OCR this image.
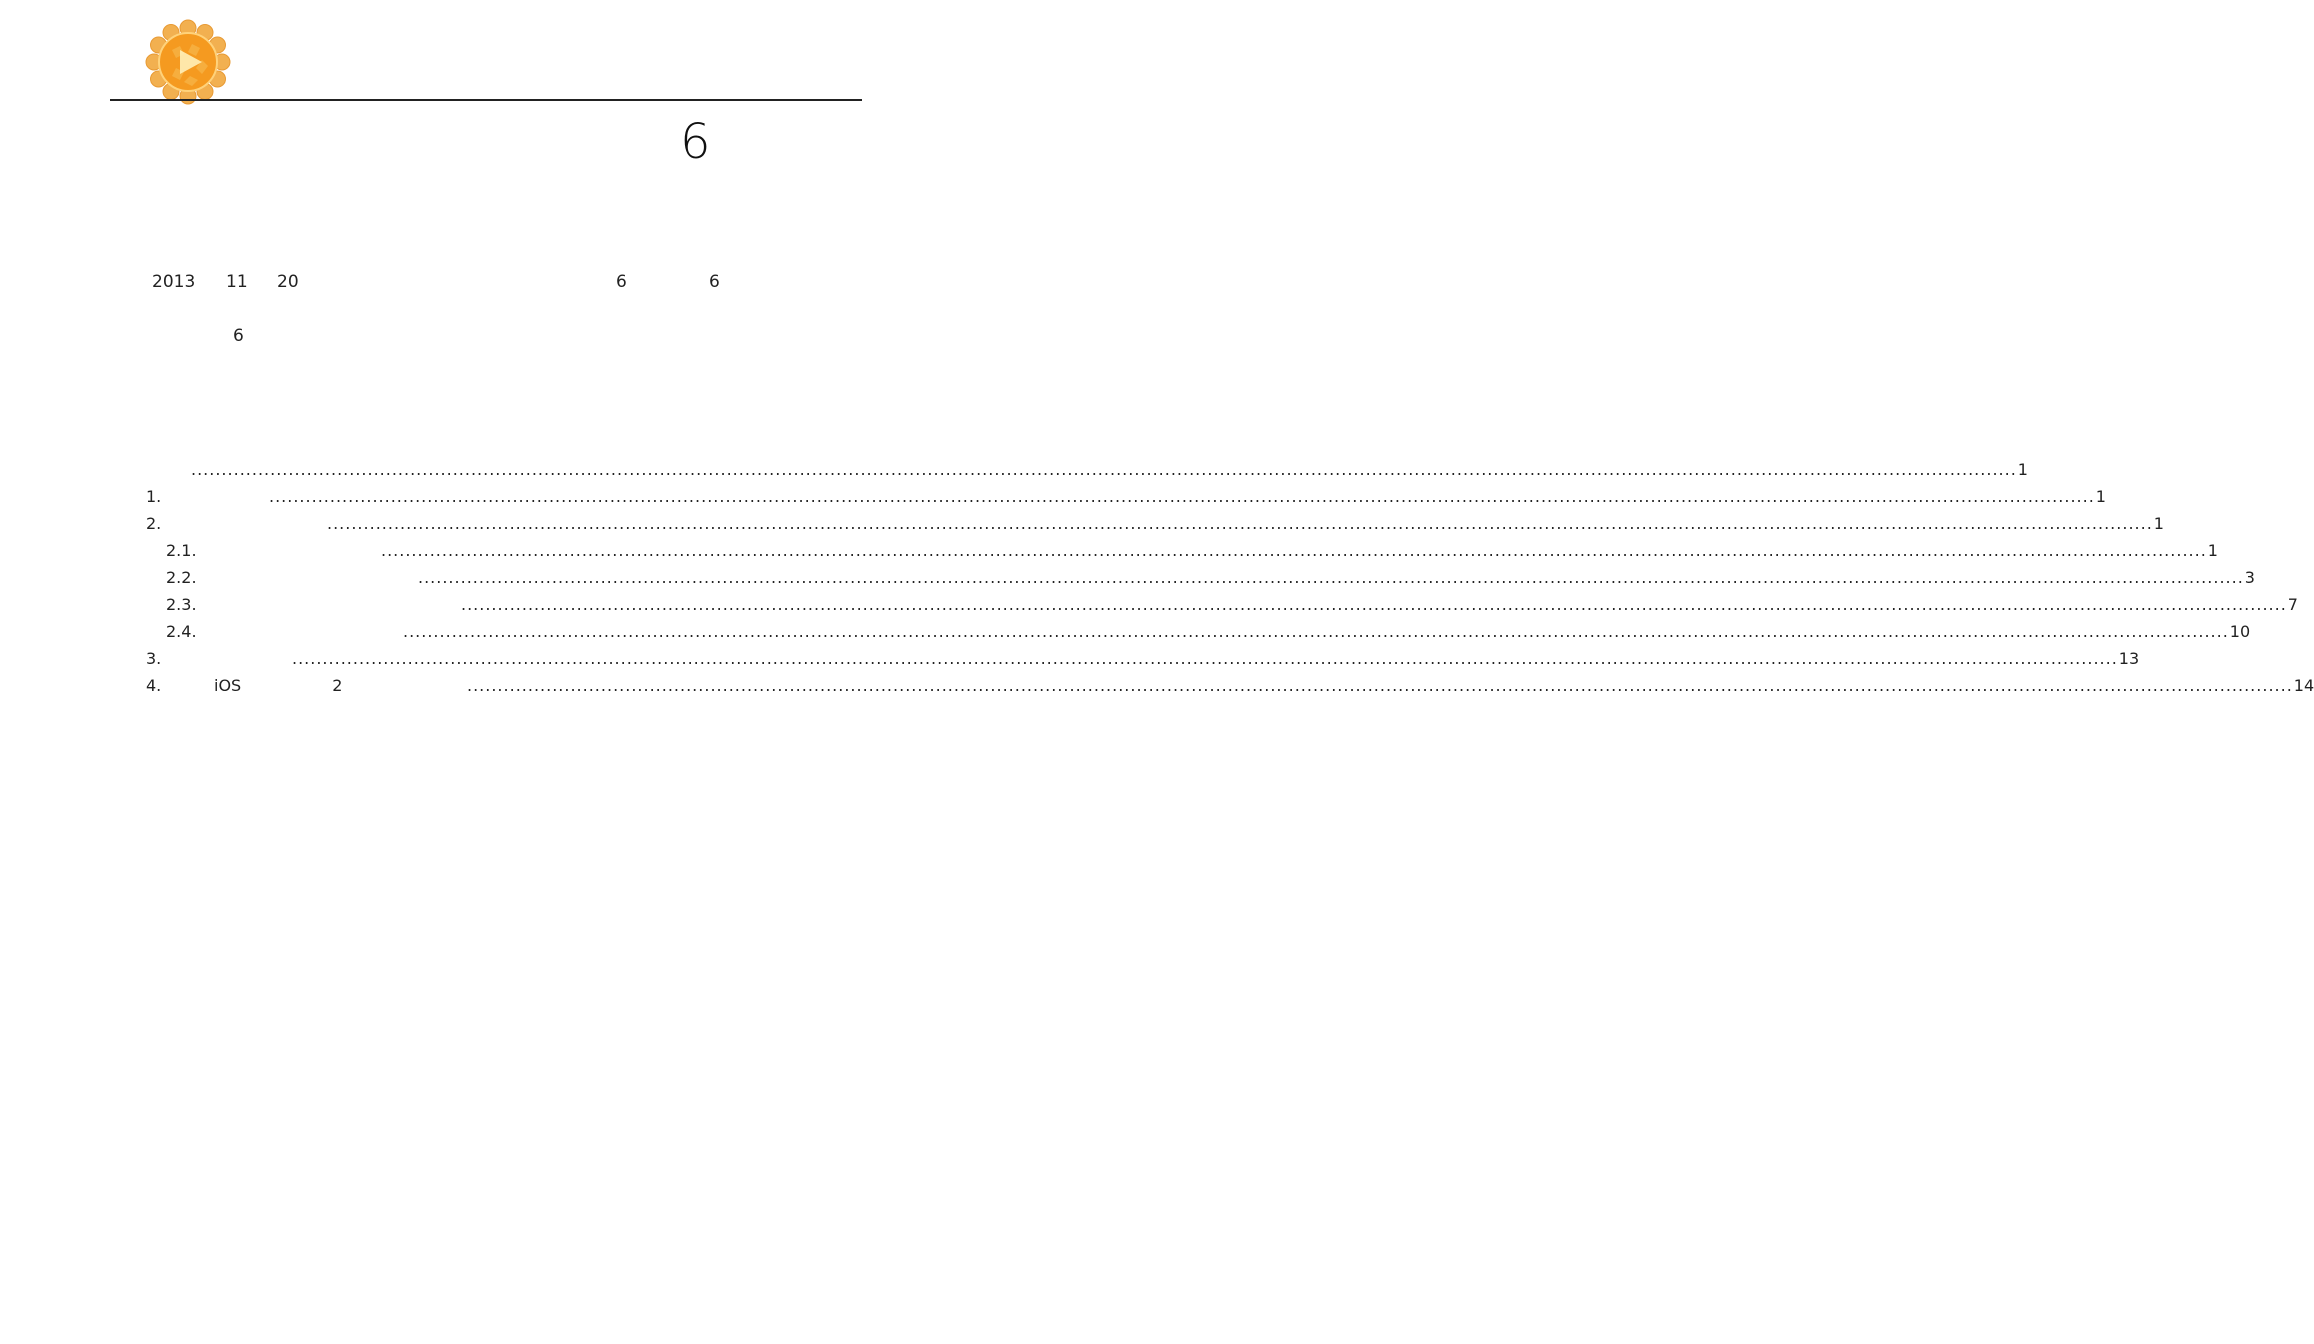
6
2013 11 20	6	6
6
............................................................................................................................................................................................................................................................................................................ 1
1.	............................................................................................................................................................................................................................................................................................................ 1
2.	............................................................................................................................................................................................................................................................................................................ 1
2.1.	............................................................................................................................................................................................................................................................................................................ 1
2.2.	............................................................................................................................................................................................................................................................................................................ 3
2.3.	............................................................................................................................................................................................................................................................................................................ 7
2.4.	............................................................................................................................................................................................................................................................................................................ 10
3.	............................................................................................................................................................................................................................................................................................................ 13
4.	iOS 2	............................................................................................................................................................................................................................................................................................................ 14
